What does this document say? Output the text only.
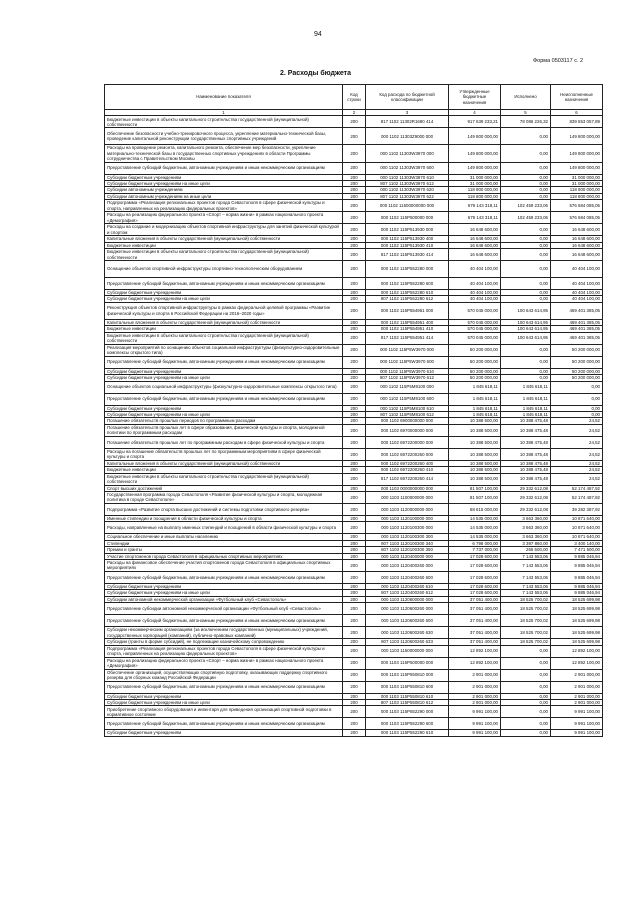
94
Форма 0503117 с. 2
2. Расходы бюджета
Наименование показателя	Код строки	Код расхода по бюджетной классификации	Утвержденные бюджетные назначения	Исполнено	Неисполненные назначения
1	2	3	4	5	6
Бюджетные инвестиции в объекты капитального строительства государственной (муниципальной) собственности	200	817 1102 11302R1680 414	917 639 233,21	78 086 226,32	839 553 057,89
Обеспечение безопасности учебно-тренировочного процесса, укрепление материально-технической базы, проведение капитальной реконструкции государственных спортивных учреждений	200	000 1102 11303Z9000 000	149 800 000,00	0,00	149 800 000,00
Расходы на проведение ремонта, капитального ремонта, обеспечение мер безопасности, укрепление материально-технической базы в государственных спортивных учреждениях в области Программы сотрудничества с Правительством Москвы	200	000 1102 11303W3970 000	149 800 000,00	0,00	149 800 000,00
Предоставление субсидий бюджетным, автономным учреждениям и иным некоммерческим организациям	200	000 1102 11303W3970 600	149 800 000,00	0,00	149 800 000,00
Субсидии бюджетным учреждениям	200	000 1102 11303W3970 610	31 000 000,00	0,00	31 000 000,00
Субсидии бюджетным учреждениям на иные цели	200	807 1102 11303W3970 612	31 000 000,00	0,00	31 000 000,00
Субсидии автономным учреждениям	200	000 1102 11303W3970 620	118 800 000,00	0,00	118 800 000,00
Субсидии автономным учреждениям на иные цели	200	807 1102 11303W3970 622	118 800 000,00	0,00	118 800 000,00
Подпрограмма «Реализация региональных проектов города Севастополя в сфере физической культуры и спорта, направленных на реализацию федеральных проектов»	200	000 1102 11500000000 000	679 143 318,11	102 459 233,06	576 684 085,05
Расходы на реализацию федерального проекта «Спорт – норма жизни» в рамках национального проекта «Демография»	200	000 1102 115P500000 000	679 143 318,11	102 459 233,06	576 684 085,05
Расходы на создание и модернизацию объектов спортивной инфраструктуры для занятий физической культурой и спортом	200	000 1102 115P513930 000	16 648 600,00	0,00	16 648 600,00
Капитальные вложения в объекты государственной (муниципальной) собственности	200	000 1102 115P513930 400	16 648 600,00	0,00	16 648 600,00
Бюджетные инвестиции	200	000 1102 115P513930 410	16 648 600,00	0,00	16 648 600,00
Бюджетные инвестиции в объекты капитального строительства государственной (муниципальной) собственности	200	817 1102 115P513930 414	16 648 600,00	0,00	16 648 600,00
Оснащение объектов спортивной инфраструктуры спортивно-технологическим оборудованием	200	000 1102 115P552280 000	40 404 100,00	0,00	40 404 100,00
Предоставление субсидий бюджетным, автономным учреждениям и иным некоммерческим организациям	200	000 1102 115P552280 600	40 404 100,00	0,00	40 404 100,00
Субсидии бюджетным учреждениям	200	000 1102 115P552280 610	40 404 100,00	0,00	40 404 100,00
Субсидии бюджетным учреждениям на иные цели	200	807 1102 115P552280 612	40 404 100,00	0,00	40 404 100,00
Реконструкция объектов спортивной инфраструктуры в рамках федеральной целевой программы «Развитие физической культуры и спорта в Российской Федерации на 2016–2020 годы»	200	000 1102 115P554951 000	570 045 000,00	100 643 614,95	469 401 385,05
Капитальные вложения в объекты государственной (муниципальной) собственности	200	000 1102 115P554951 400	570 045 000,00	100 643 614,95	469 401 385,05
Бюджетные инвестиции	200	000 1102 115P554951 410	570 045 000,00	100 643 614,95	469 401 385,05
Бюджетные инвестиции в объекты капитального строительства государственной (муниципальной) собственности	200	817 1102 115P554951 414	570 045 000,00	100 643 614,95	469 401 385,05
Реализация мероприятий по оснащению объектов социальной инфраструктуры (физкультурно-оздоровительные комплексы открытого типа)	200	000 1102 115P5W3970 000	50 200 000,00	0,00	50 200 000,00
Предоставление субсидий бюджетным, автономным учреждениям и иным некоммерческим организациям	200	000 1102 115P5W3970 600	50 200 000,00	0,00	50 200 000,00
Субсидии бюджетным учреждениям	200	000 1102 115P5W3970 610	50 200 000,00	0,00	50 200 000,00
Субсидии бюджетным учреждениям на иные цели	200	807 1102 115P5W3970 612	50 200 000,00	0,00	50 200 000,00
Оснащение объектов социальной инфраструктуры (физкультурно-оздоровительные комплексы открытого типа)	200	000 1102 115P5M8100 000	1 845 618,11	1 845 618,11	0,00
Предоставление субсидий бюджетным, автономным учреждениям и иным некоммерческим организациям	200	000 1102 115P5M8100 600	1 845 618,11	1 845 618,11	0,00
Субсидии бюджетным учреждениям	200	000 1102 115P5M8100 610	1 845 618,11	1 845 618,11	0,00
Субсидии бюджетным учреждениям на иные цели	200	807 1102 115P5M8100 612	1 845 618,11	1 845 618,11	0,00
Погашение обязательств прошлых периодов по программным расходам	200	000 1102 6900000000 000	10 388 500,00	10 388 475,48	24,52
Погашение обязательств прошлых лет в сфере образования, физической культуры и спорта, молодежной политики по программным расходам	200	000 1102 6970000000 000	10 388 500,00	10 388 475,48	24,52
Погашение обязательств прошлых лет по программным расходам в сфере физической культуры и спорта	200	000 1102 6972200000 000	10 388 500,00	10 388 475,48	24,52
Расходы на погашение обязательств прошлых лет по программным мероприятиям в сфере физической культуры и спорта	200	000 1102 6972200260 000	10 388 500,00	10 388 475,48	24,52
Капитальные вложения в объекты государственной (муниципальной) собственности	200	000 1102 6972200260 400	10 388 500,00	10 388 475,48	24,52
Бюджетные инвестиции	200	000 1102 6972200260 410	10 388 500,00	10 388 475,48	24,52
Бюджетные инвестиции в объекты капитального строительства государственной (муниципальной) собственности	200	817 1102 6972200260 414	10 388 500,00	10 388 475,48	24,52
Спорт высших достижений	200	000 1103 0000000000 000	81 507 100,00	29 332 612,08	52 174 487,92
Государственная программа города Севастополя «Развитие физической культуры и спорта, молодежная политика в городе Севастополе»	200	000 1103 1100000000 000	81 507 100,00	29 332 612,08	52 174 487,92
Подпрограмма «Развитие спорта высших достижений и системы подготовки спортивного резерва»	200	000 1103 1120000000 000	68 615 000,00	29 332 612,08	39 282 387,92
Именные стипендии и поощрения в области физической культуры и спорта	200	000 1103 1120100000 000	14 535 000,00	3 663 360,00	10 871 640,00
Расходы, направленные на выплату именных стипендий и поощрений в области физической культуры и спорта	200	000 1103 1120100300 000	14 535 000,00	3 663 360,00	10 871 640,00
Социальное обеспечение и иные выплаты населению	200	000 1103 1120100300 300	14 535 000,00	3 663 360,00	10 871 640,00
Стипендии	200	807 1103 1120100300 340	6 798 000,00	3 397 860,00	3 400 140,00
Премии и гранты	200	807 1103 1120100300 350	7 737 000,00	265 500,00	7 471 500,00
Участие спортсменов города Севастополя в официальных спортивных мероприятиях	200	000 1103 1120400000 000	17 028 600,00	7 143 553,06	9 885 046,94
Расходы на финансовое обеспечение участия спортсменов города Севастополя в официальных спортивных мероприятиях	200	000 1103 1120400260 000	17 028 600,00	7 143 553,06	9 885 046,94
Предоставление субсидий бюджетным, автономным учреждениям и иным некоммерческим организациям	200	000 1103 1120400260 600	17 028 600,00	7 143 553,06	9 885 046,94
Субсидии бюджетным учреждениям	200	000 1103 1120400260 610	17 028 600,00	7 143 553,06	9 885 046,94
Субсидии бюджетным учреждениям на иные цели	200	807 1103 1120400260 612	17 028 600,00	7 143 553,06	9 885 046,94
Субсидии автономной некоммерческой организации «Футбольный клуб «Севастополь»	200	000 1103 1120600000 000	37 051 400,00	18 525 700,02	18 525 699,98
Предоставление субсидии автономной некоммерческой организации «Футбольный клуб «Севастополь»	200	000 1103 1120600260 000	37 051 400,00	18 525 700,02	18 525 699,98
Предоставление субсидий бюджетным, автономным учреждениям и иным некоммерческим организациям	200	000 1103 1120600260 600	37 051 400,00	18 525 700,02	18 525 699,98
Субсидии некоммерческим организациям (за исключением государственных (муниципальных) учреждений, государственных корпораций (компаний), публично-правовых компаний)	200	000 1103 1120600260 630	37 051 400,00	18 525 700,02	18 525 699,98
Субсидии (гранты в форме субсидий), не подлежащие казначейскому сопровождению	200	807 1103 1120600260 633	37 051 400,00	18 525 700,02	18 525 699,98
Подпрограмма «Реализация региональных проектов города Севастополя в сфере физической культуры и спорта, направленных на реализацию федеральных проектов»	200	000 1103 1150000000 000	12 892 100,00	0,00	12 892 100,00
Расходы на реализацию федерального проекта «Спорт – норма жизни» в рамках национального проекта «Демография»	200	000 1103 115P500000 000	12 892 100,00	0,00	12 892 100,00
Обеспечение организаций, осуществляющих спортивную подготовку, оказывающих поддержку спортивного резерва для сборных команд Российской Федерации	200	000 1103 115P550810 000	2 901 000,00	0,00	2 901 000,00
Предоставление субсидий бюджетным, автономным учреждениям и иным некоммерческим организациям	200	000 1103 115P550810 600	2 901 000,00	0,00	2 901 000,00
Субсидии бюджетным учреждениям	200	000 1103 115P550810 610	2 901 000,00	0,00	2 901 000,00
Субсидии бюджетным учреждениям на иные цели	200	807 1103 115P550810 612	2 901 000,00	0,00	2 901 000,00
Приобретение спортивного оборудования и инвентаря для приведения организаций спортивной подготовки в нормативное состояние	200	000 1103 115P552290 000	9 991 100,00	0,00	9 991 100,00
Предоставление субсидий бюджетным, автономным учреждениям и иным некоммерческим организациям	200	000 1103 115P552290 600	9 991 100,00	0,00	9 991 100,00
Субсидии бюджетным учреждениям	200	000 1103 115P552290 610	9 991 100,00	0,00	9 991 100,00
